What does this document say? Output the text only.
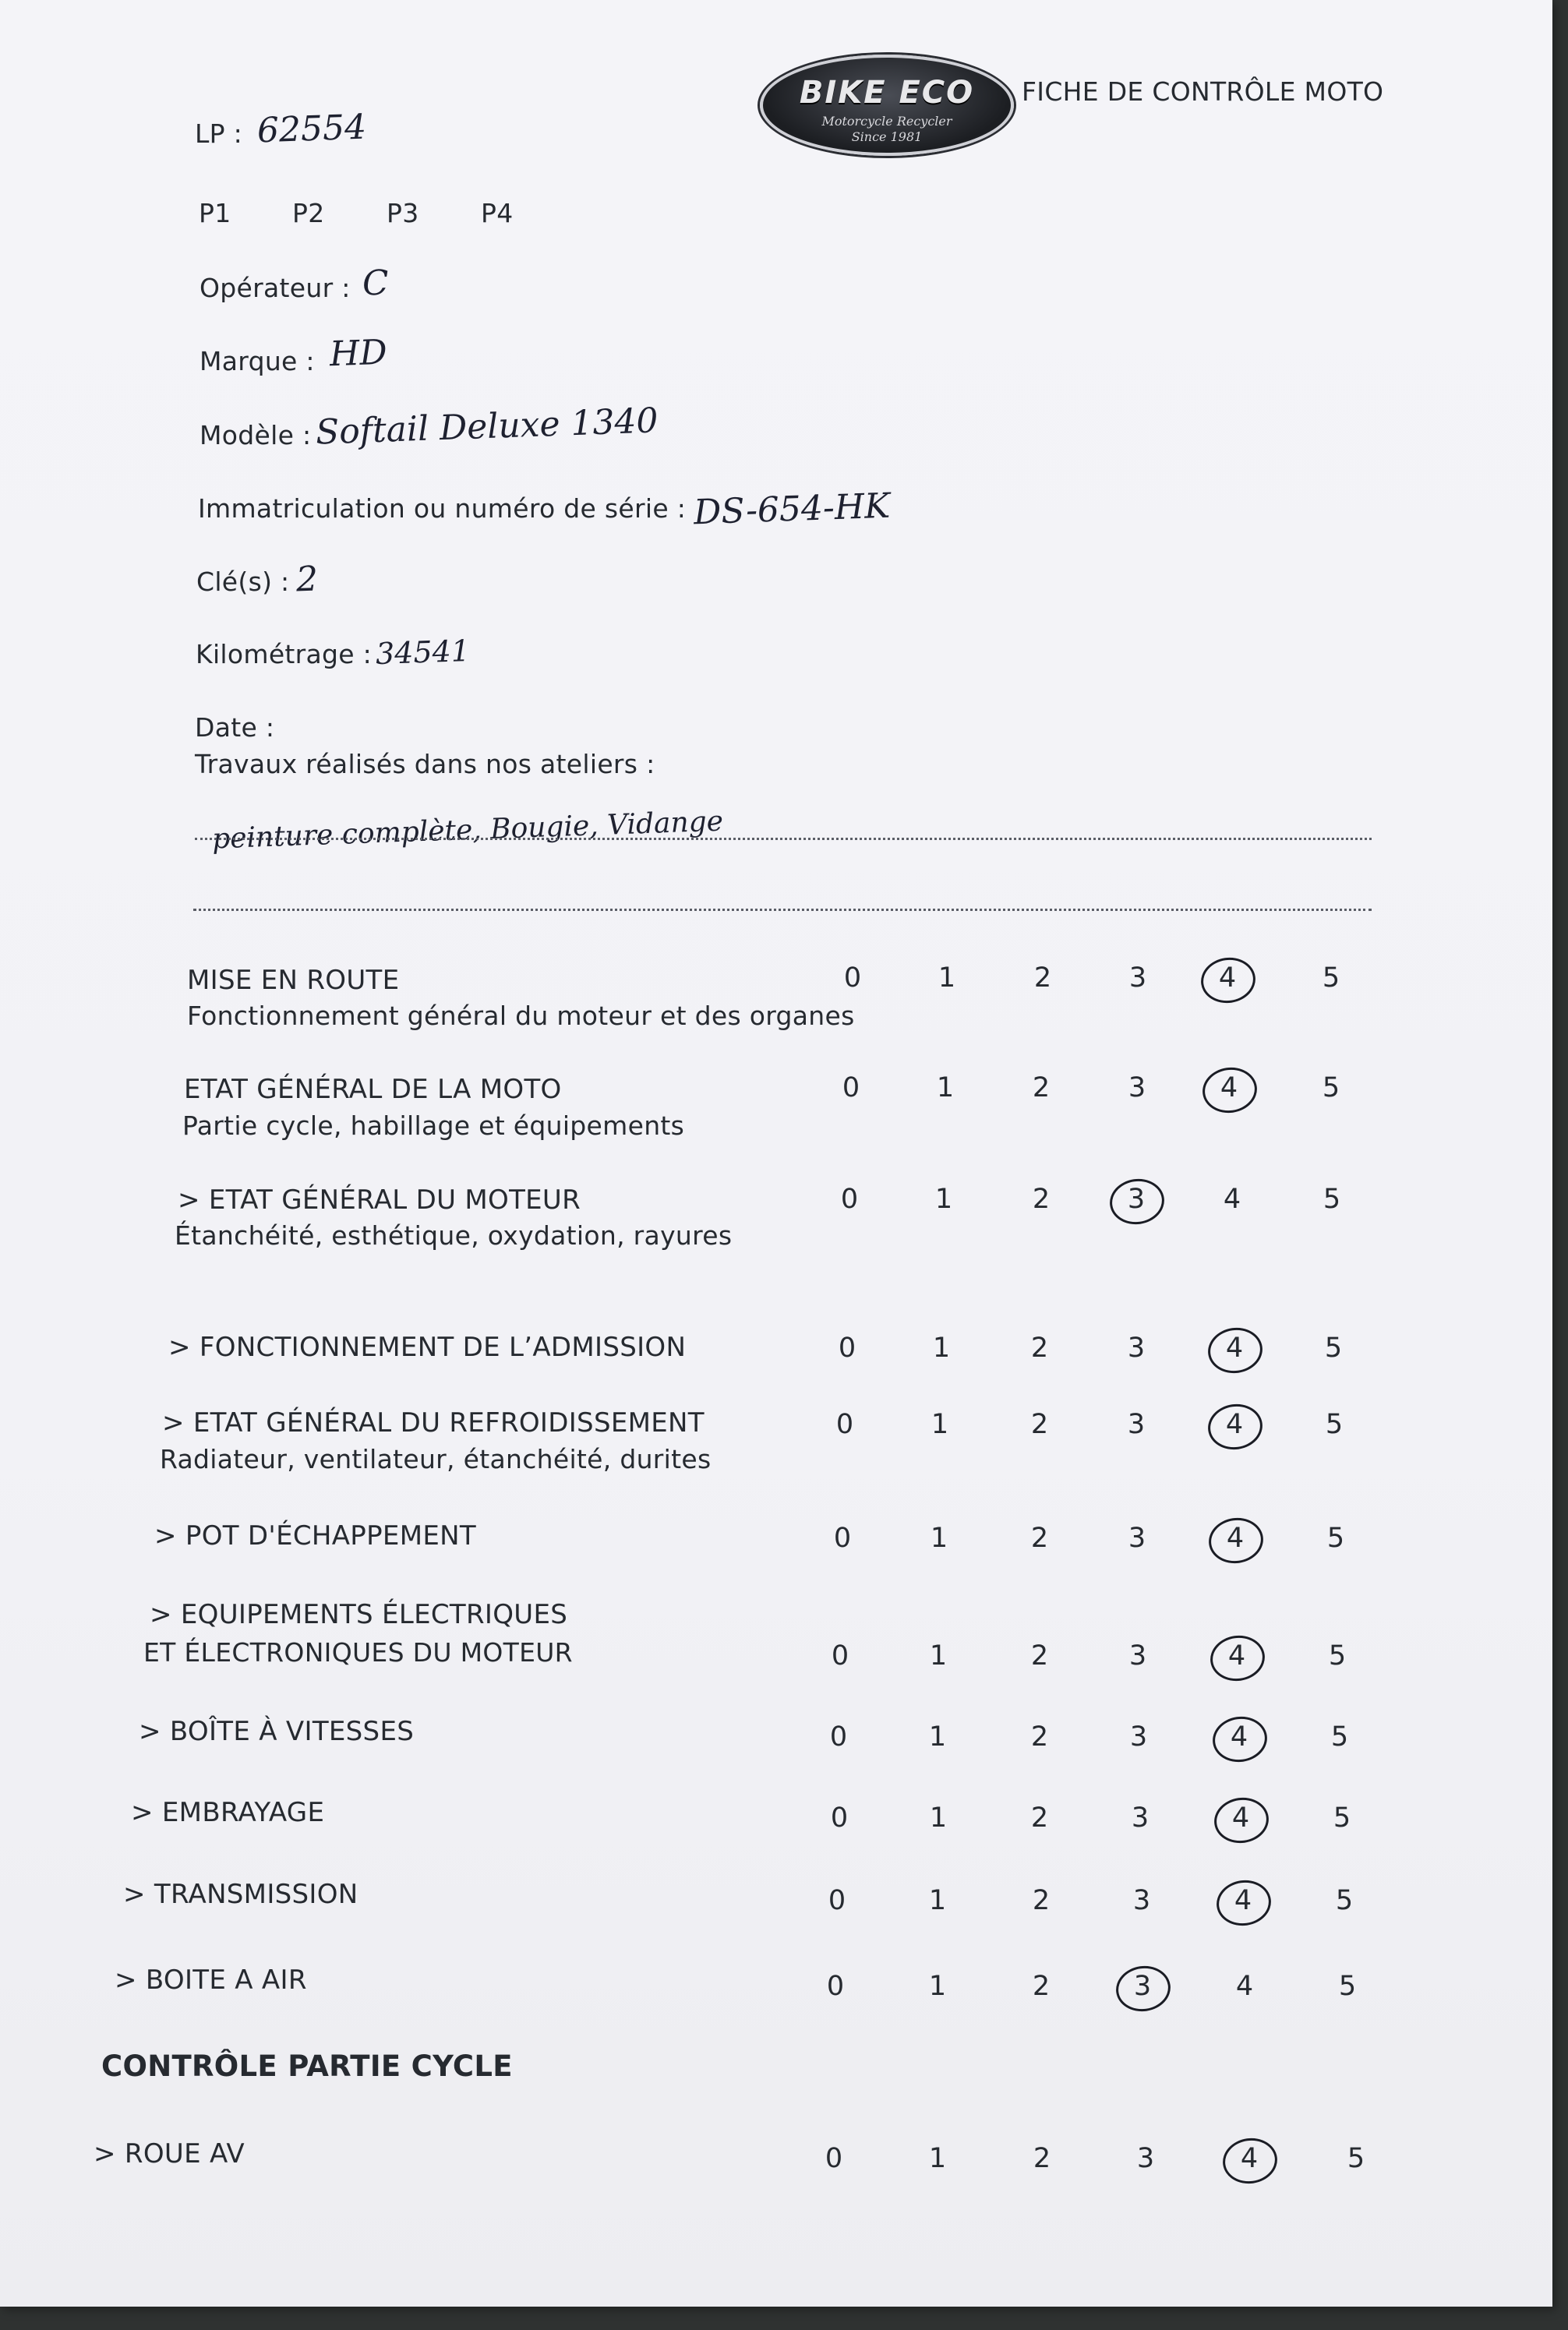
BIKE ECO
Motorcycle Recycler
Since 1981
FICHE DE CONTRÔLE MOTO
LP : 62554
P1 P2 P3 P4
Opérateur : C
Marque : HD
Modèle : Softail Deluxe 1340
Immatriculation ou numéro de série : DS-654-HK
Clé(s) : 2
Kilométrage : 34541
Date :
Travaux réalisés dans nos ateliers :
peinture complète, Bougie, Vidange
MISE EN ROUTE
Fonctionnement général du moteur et des organes
0	1	2	3	4	5
ETAT GÉNÉRAL DE LA MOTO
Partie cycle, habillage et équipements
0	1	2	3	4	5
> ETAT GÉNÉRAL DU MOTEUR
Étanchéité, esthétique, oxydation, rayures
0	1	2	3	4	5
> FONCTIONNEMENT DE L’ADMISSION	0	1	2	3	4	5
> ETAT GÉNÉRAL DU REFROIDISSEMENT
Radiateur, ventilateur, étanchéité, durites
0	1	2	3	4	5
> POT D'ÉCHAPPEMENT	0	1	2	3	4	5
> EQUIPEMENTS ÉLECTRIQUES
ET ÉLECTRONIQUES DU MOTEUR	0	1	2	3	4	5
> BOÎTE À VITESSES	0	1	2	3	4	5
> EMBRAYAGE	0	1	2	3	4	5
> TRANSMISSION	0	1	2	3	4	5
> BOITE A AIR	0	1	2	3	4	5
CONTRÔLE PARTIE CYCLE
> ROUE AV	0	1	2	3	4	5
